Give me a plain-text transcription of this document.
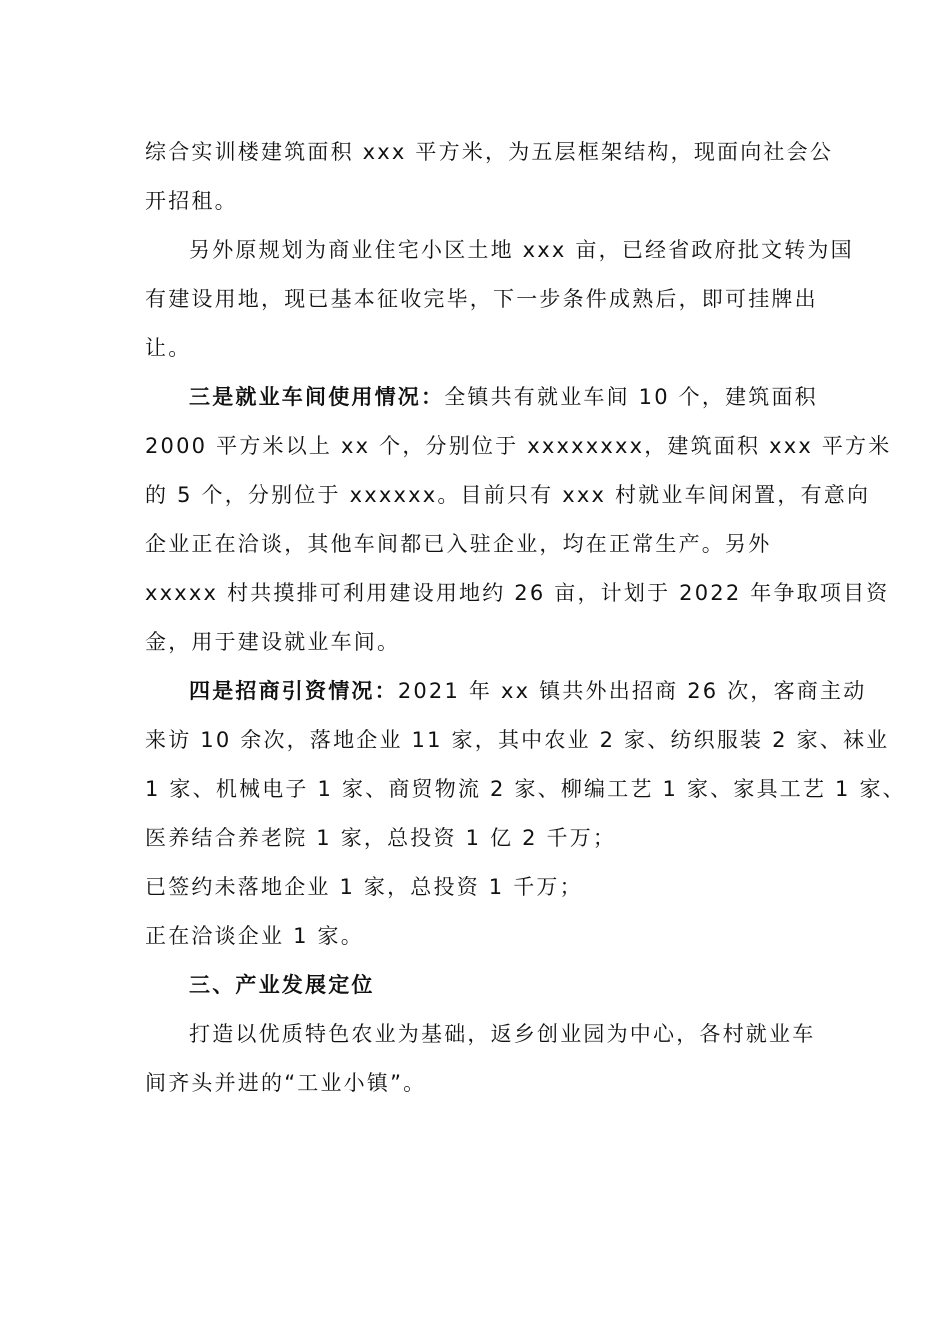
综合实训楼建筑面积 xxx 平方米，为五层框架结构，现面向社会公
开招租。
另外原规划为商业住宅小区土地 xxx 亩，已经省政府批文转为国
有建设用地，现已基本征收完毕，下一步条件成熟后，即可挂牌出
让。
三是就业车间使用情况：全镇共有就业车间 10 个，建筑面积
2000 平方米以上 xx 个，分别位于 xxxxxxxx，建筑面积 xxx 平方米
的 5 个，分别位于 xxxxxx。目前只有 xxx 村就业车间闲置，有意向
企业正在洽谈，其他车间都已入驻企业，均在正常生产。另外
xxxxx 村共摸排可利用建设用地约 26 亩，计划于 2022 年争取项目资
金，用于建设就业车间。
四是招商引资情况：2021 年 xx 镇共外出招商 26 次，客商主动
来访 10 余次，落地企业 11 家，其中农业 2 家、纺织服装 2 家、袜业
1 家、机械电子 1 家、商贸物流 2 家、柳编工艺 1 家、家具工艺 1 家、
医养结合养老院 1 家，总投资 1 亿 2 千万；
已签约未落地企业 1 家，总投资 1 千万；
正在洽谈企业 1 家。
三、产业发展定位
打造以优质特色农业为基础，返乡创业园为中心，各村就业车
间齐头并进的“工业小镇”。
